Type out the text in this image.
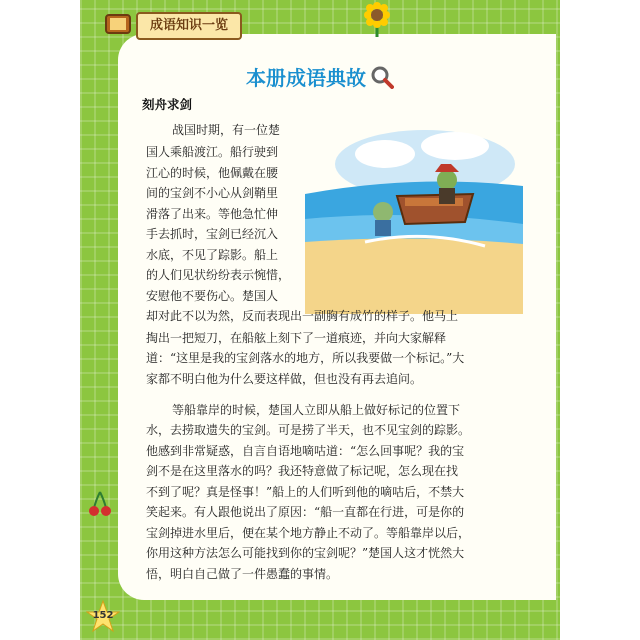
成语知识一览
本册成语典故
刻舟求剑
战国时期，有一位楚
国人乘船渡江。船行驶到
江心的时候，他佩戴在腰
间的宝剑不小心从剑鞘里
滑落了出来。等他急忙伸
手去抓时，宝剑已经沉入
水底，不见了踪影。船上
的人们见状纷纷表示惋惜，
安慰他不要伤心。楚国人
却对此不以为然，反而表现出一副胸有成竹的样子。他马上
掏出一把短刀，在船舷上刻下了一道痕迹，并向大家解释
道：“这里是我的宝剑落水的地方，所以我要做一个标记。”大
家都不明白他为什么要这样做，但也没有再去追问。
等船靠岸的时候，楚国人立即从船上做好标记的位置下
水，去捞取遗失的宝剑。可是捞了半天，也不见宝剑的踪影。
他感到非常疑惑，自言自语地嘀咕道：“怎么回事呢？我的宝
剑不是在这里落水的吗？我还特意做了标记呢，怎么现在找
不到了呢？真是怪事！”船上的人们听到他的嘀咕后，不禁大
笑起来。有人跟他说出了原因：“船一直都在行进，可是你的
宝剑掉进水里后，便在某个地方静止不动了。等船靠岸以后，
你用这种方法怎么可能找到你的宝剑呢？”楚国人这才恍然大
悟，明白自己做了一件愚蠢的事情。
152
